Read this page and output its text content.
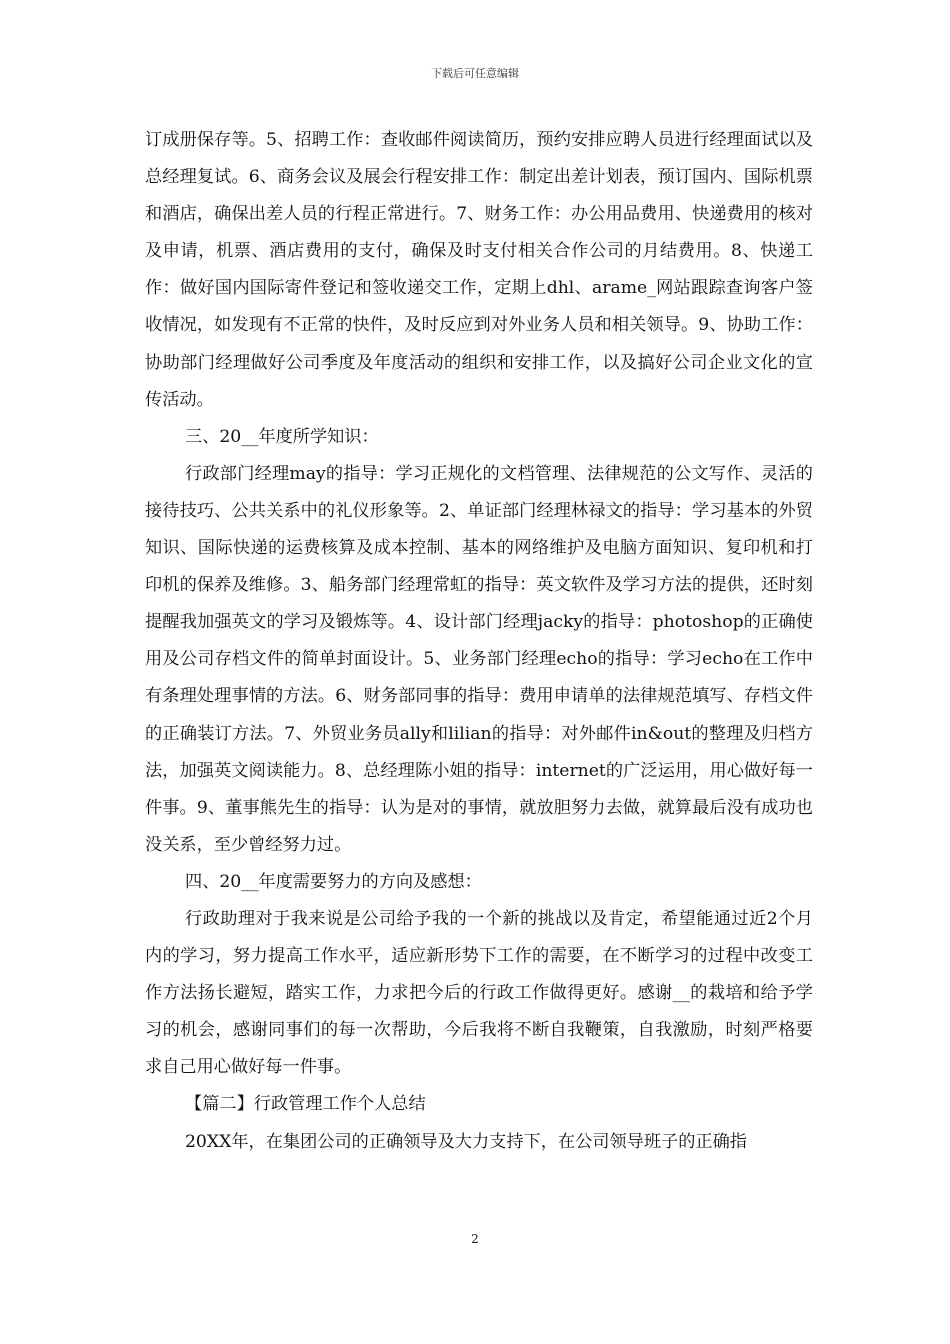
下载后可任意编辑

订成册保存等。5、招聘工作：查收邮件阅读简历，预约安排应聘人员进行经理面试以及总经理复试。6、商务会议及展会行程安排工作：制定出差计划表，预订国内、国际机票和酒店，确保出差人员的行程正常进行。7、财务工作：办公用品费用、快递费用的核对及申请，机票、酒店费用的支付，确保及时支付相关合作公司的月结费用。8、快递工作：做好国内国际寄件登记和签收递交工作，定期上dhl、arame_网站跟踪查询客户签收情况，如发现有不正常的快件，及时反应到对外业务人员和相关领导。9、协助工作：协助部门经理做好公司季度及年度活动的组织和安排工作，以及搞好公司企业文化的宣传活动。

三、20__年度所学知识：

行政部门经理may的指导：学习正规化的文档管理、法律规范的公文写作、灵活的接待技巧、公共关系中的礼仪形象等。2、单证部门经理林禄文的指导：学习基本的外贸知识、国际快递的运费核算及成本控制、基本的网络维护及电脑方面知识、复印机和打印机的保养及维修。3、船务部门经理常虹的指导：英文软件及学习方法的提供，还时刻提醒我加强英文的学习及锻炼等。4、设计部门经理jacky的指导：photoshop的正确使用及公司存档文件的简单封面设计。5、业务部门经理echo的指导：学习echo在工作中有条理处理事情的方法。6、财务部同事的指导：费用申请单的法律规范填写、存档文件的正确装订方法。7、外贸业务员ally和lilian的指导：对外邮件in&out的整理及归档方法，加强英文阅读能力。8、总经理陈小姐的指导：internet的广泛运用，用心做好每一件事。9、董事熊先生的指导：认为是对的事情，就放胆努力去做，就算最后没有成功也没关系，至少曾经努力过。

四、20__年度需要努力的方向及感想：

行政助理对于我来说是公司给予我的一个新的挑战以及肯定，希望能通过近2个月内的学习，努力提高工作水平，适应新形势下工作的需要，在不断学习的过程中改变工作方法扬长避短，踏实工作，力求把今后的行政工作做得更好。感谢__的栽培和给予学习的机会，感谢同事们的每一次帮助，今后我将不断自我鞭策，自我激励，时刻严格要求自己用心做好每一件事。

【篇二】行政管理工作个人总结

20XX年，在集团公司的正确领导及大力支持下，在公司领导班子的正确指

2
